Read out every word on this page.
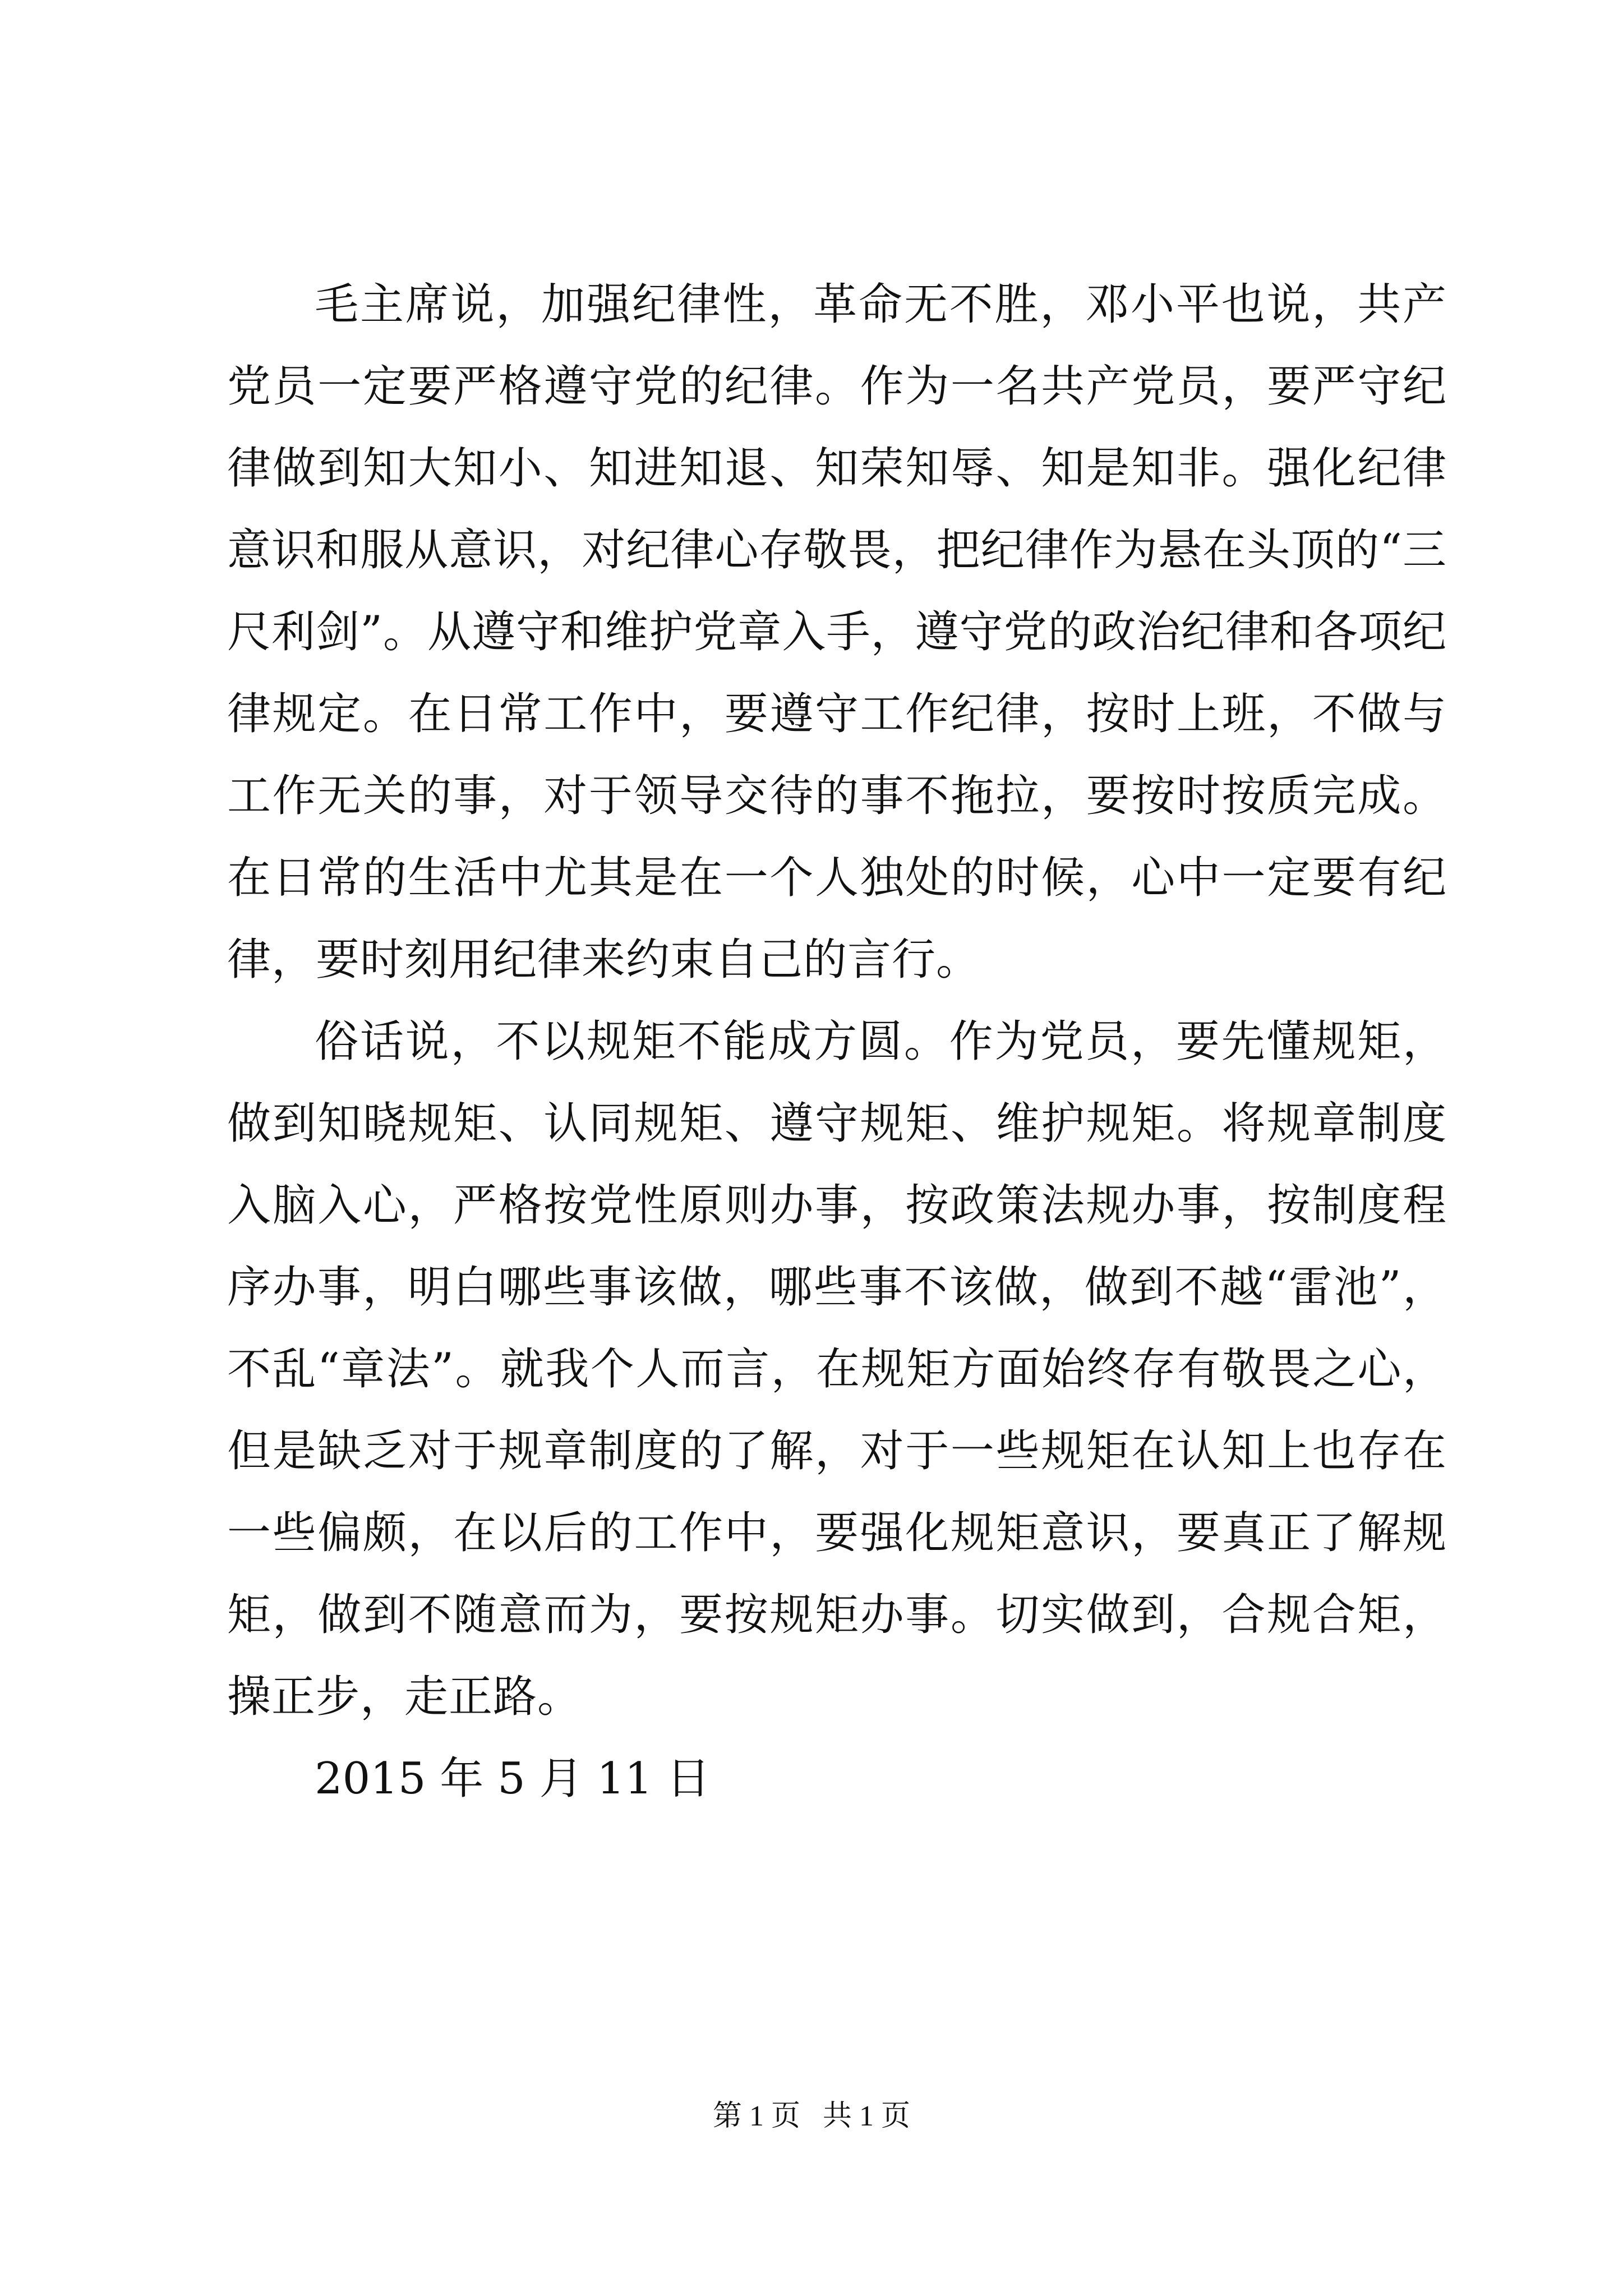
毛主席说，加强纪律性，革命无不胜，邓小平也说，共产党员一定要严格遵守党的纪律。作为一名共产党员，要严守纪律做到知大知小、知进知退、知荣知辱、知是知非。强化纪律意识和服从意识，对纪律心存敬畏，把纪律作为悬在头顶的“三尺利剑”。从遵守和维护党章入手，遵守党的政治纪律和各项纪律规定。在日常工作中，要遵守工作纪律，按时上班，不做与工作无关的事，对于领导交待的事不拖拉，要按时按质完成。在日常的生活中尤其是在一个人独处的时候，心中一定要有纪律，要时刻用纪律来约束自己的言行。

俗话说，不以规矩不能成方圆。作为党员，要先懂规矩，做到知晓规矩、认同规矩、遵守规矩、维护规矩。将规章制度入脑入心，严格按党性原则办事，按政策法规办事，按制度程序办事，明白哪些事该做，哪些事不该做，做到不越“雷池”，不乱“章法”。就我个人而言，在规矩方面始终存有敬畏之心，但是缺乏对于规章制度的了解，对于一些规矩在认知上也存在一些偏颇，在以后的工作中，要强化规矩意识，要真正了解规矩，做到不随意而为，要按规矩办事。切实做到，合规合矩，操正步，走正路。

2015 年 5 月 11 日

第 1 页 共 1 页
